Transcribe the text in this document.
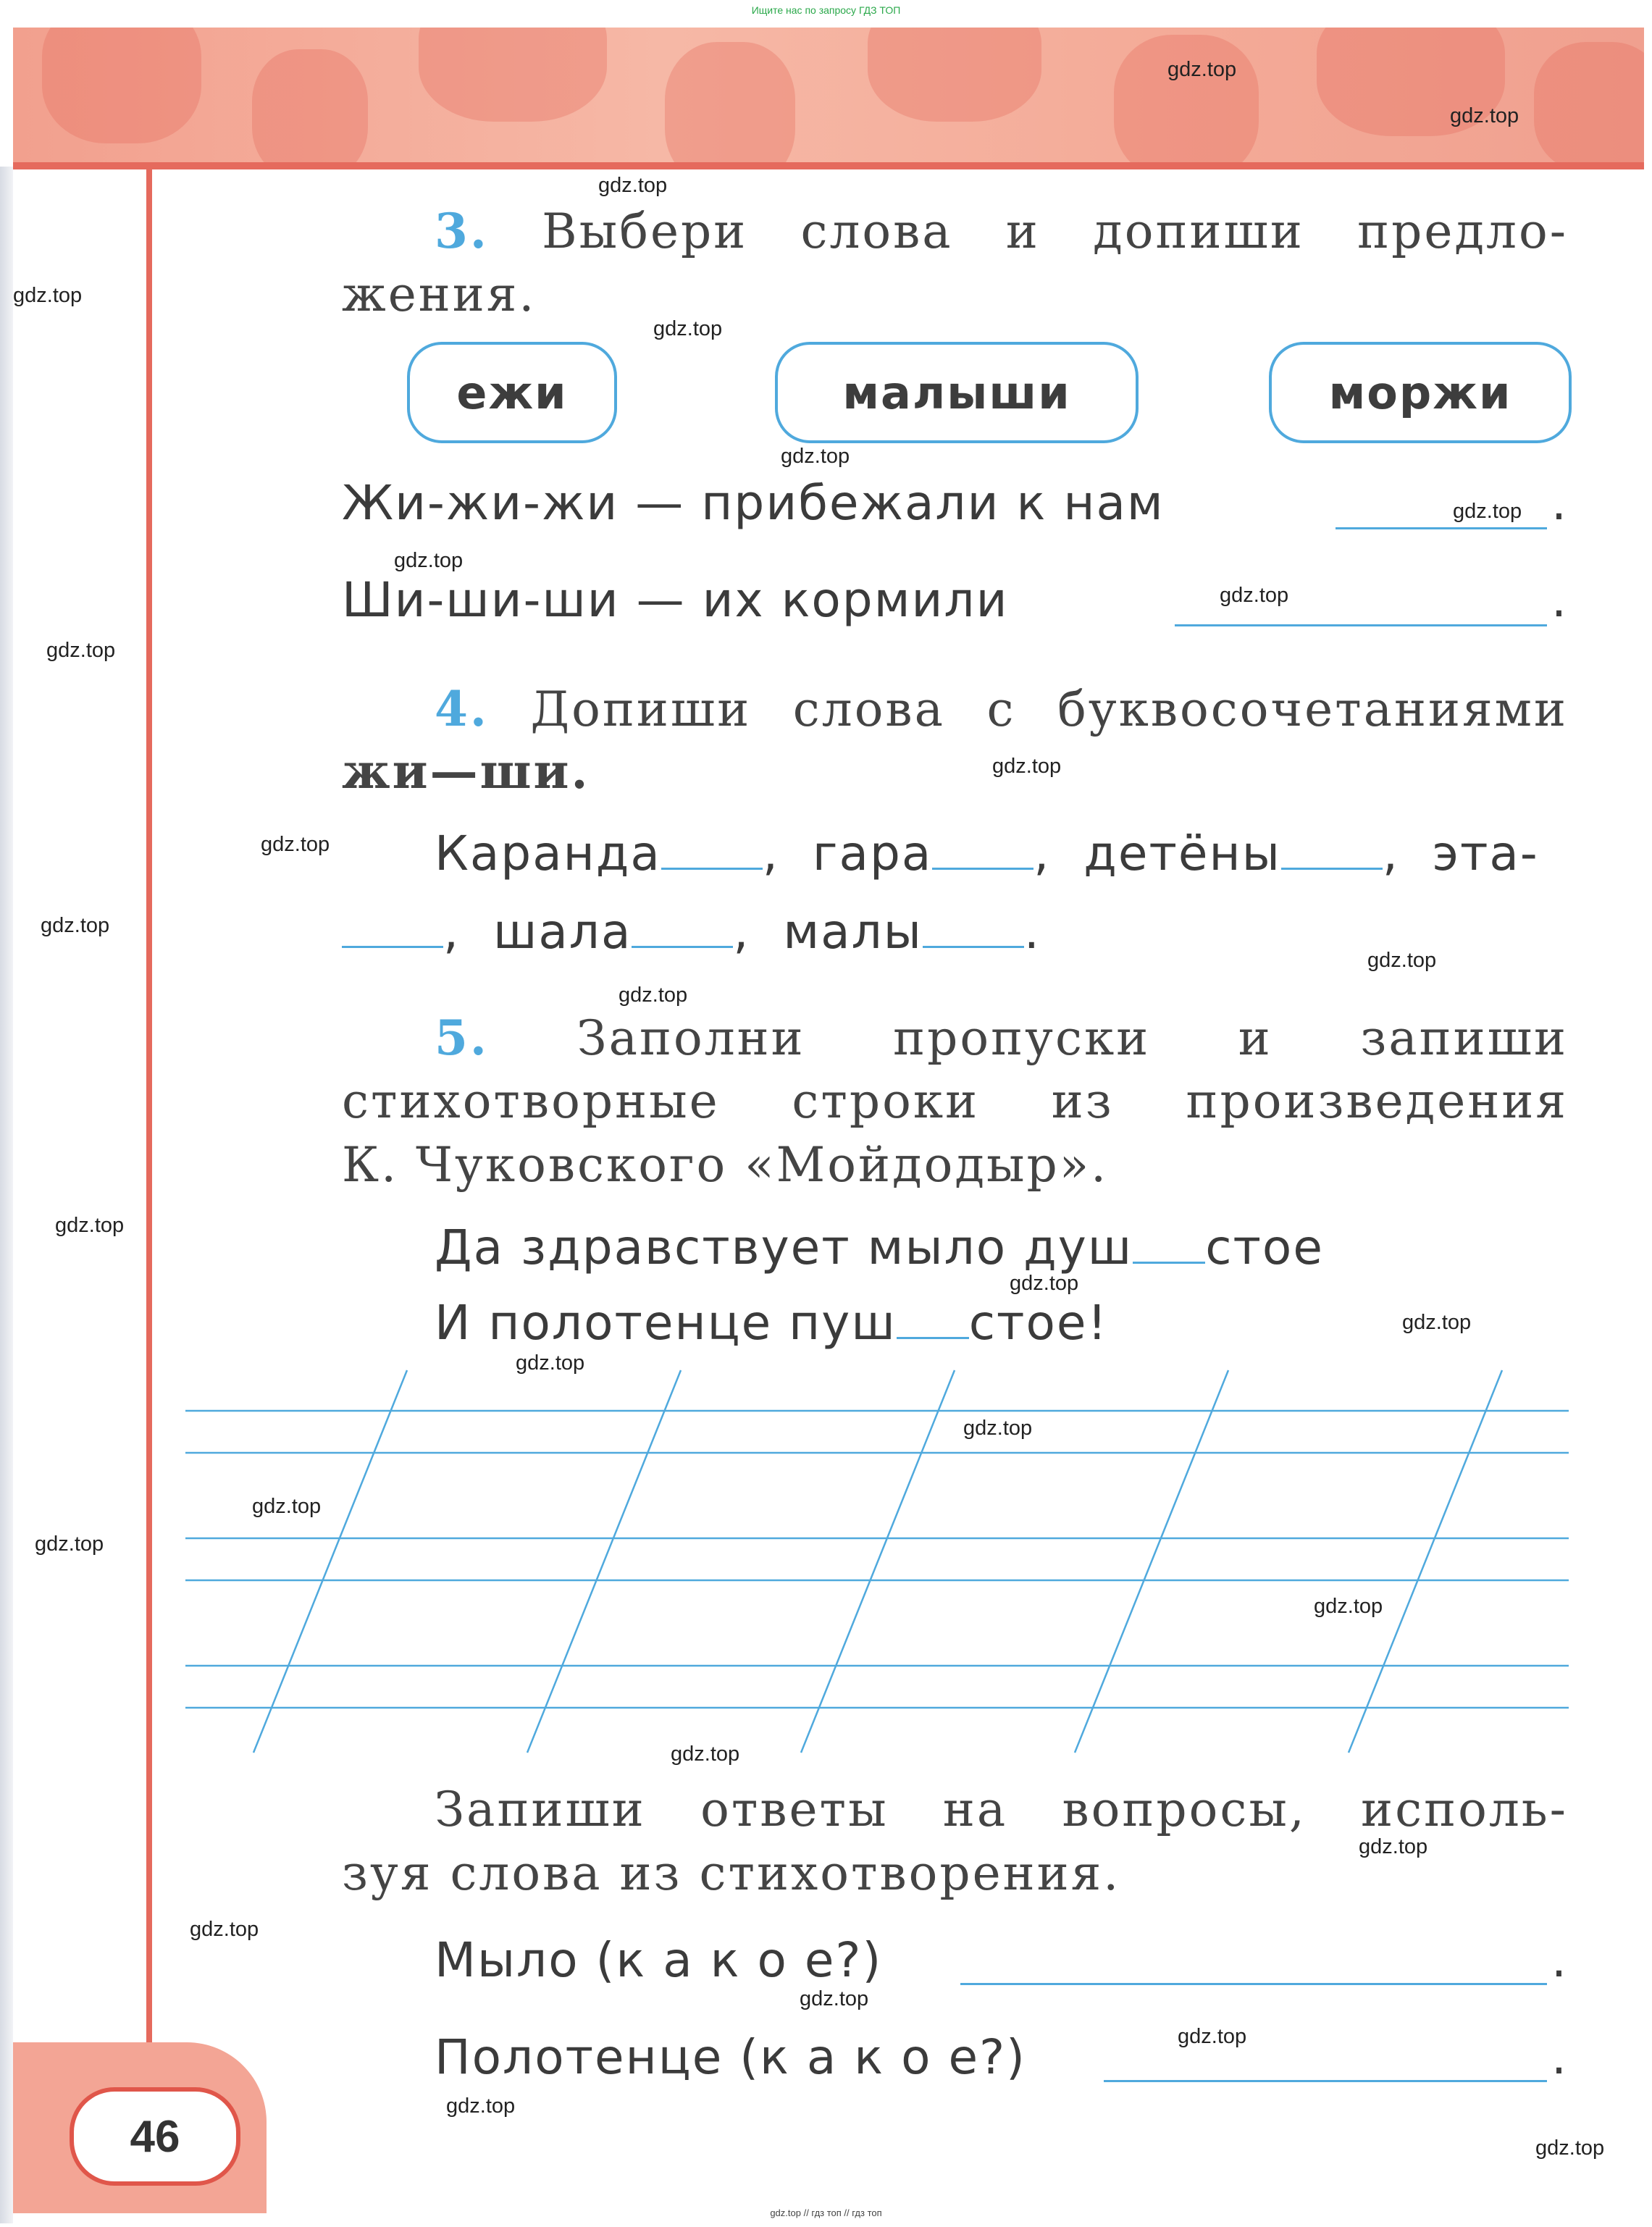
Ищите нас по запросу ГДЗ ТОП
3. Выбери слова и допиши предло-
жения.
ежи	малыши	моржи
Жи-жи-жи — прибежали к нам	.
Ши-ши-ши — их кормили	.
4. Допиши слова с буквосочетаниями
жи—ши.
Каранда , гара , детёны , эта-
, шала , малы .
5. Заполни пропуски и запиши
стихотворные строки из произведения
К. Чуковского «Мойдодыр».
Да здравствует мыло душ стое
И полотенце пуш стое!
Запиши ответы на вопросы, исполь-
зуя слова из стихотворения.
Мыло (к а к о е?)	.
Полотенце (к а к о е?)	.
46
gdz.top
gdz.top
gdz.top
gdz.top
gdz.top
gdz.top
gdz.top
gdz.top
gdz.top
gdz.top
gdz.top
gdz.top
gdz.top
gdz.top
gdz.top
gdz.top
gdz.top
gdz.top
gdz.top
gdz.top
gdz.top
gdz.top
gdz.top
gdz.top
gdz.top
gdz.top
gdz.top
gdz.top
gdz.top
gdz.top
gdz.top // гдз топ // гдз топ
